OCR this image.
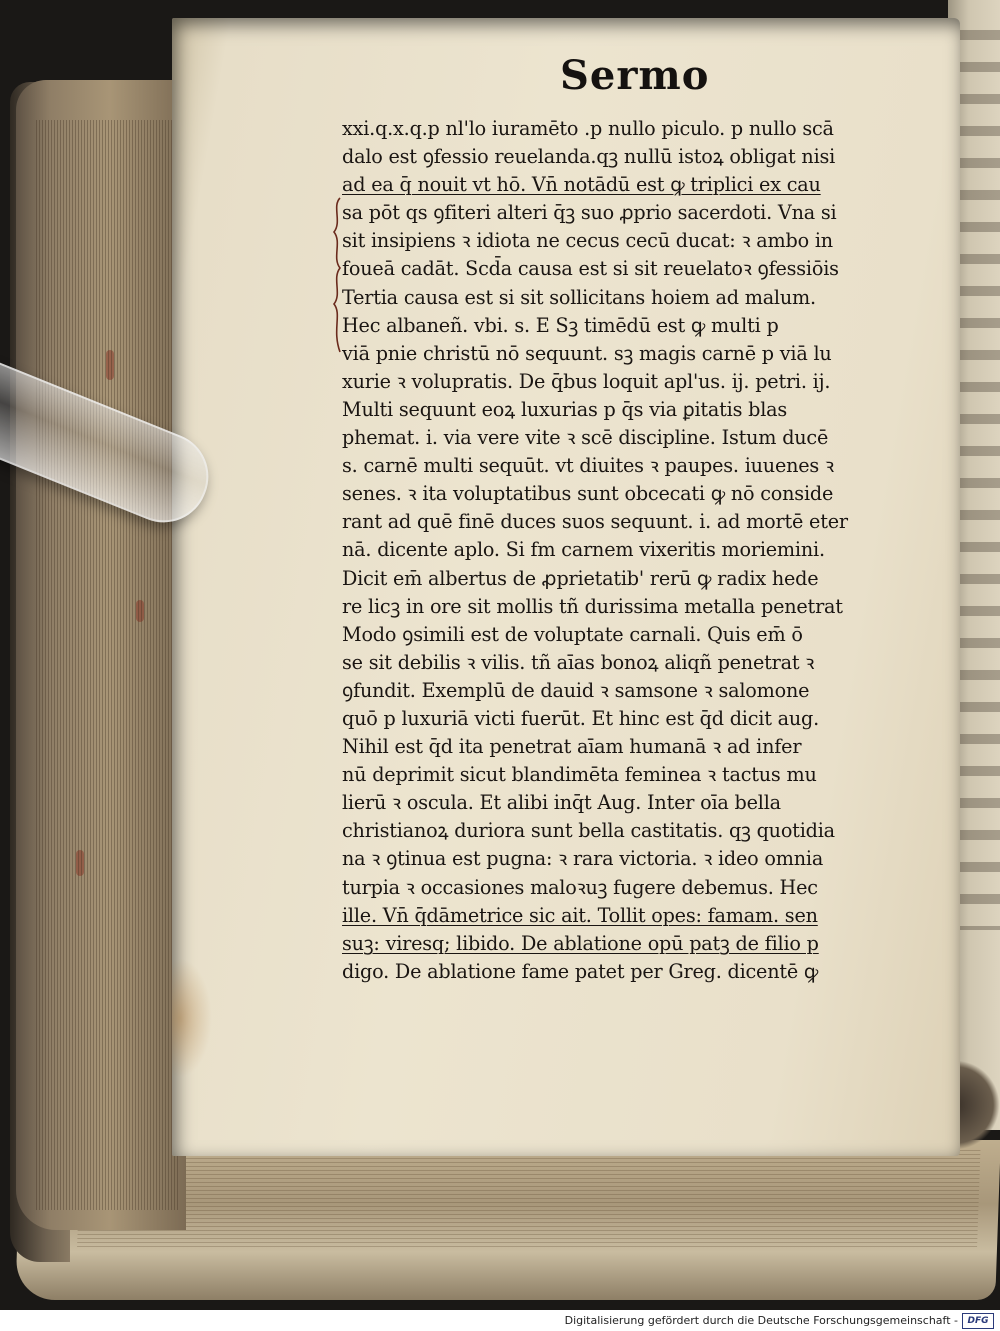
Sermo
xxi.q.x.q.p nl'lo iuramēto .p nullo piculo. p nullo scā
dalo est ꝯfessio reuelanda.qꝫ nullū istoꝝ obligat nisi
ad ea q̄ nouit vt hō. Vn̄ notādū est ꝙ triplici ex cau
sa pōt qs ꝯfiteri alteri q̄ꝫ suo ꝓprio sacerdoti. Vna si
sit insipiens ꝛ idiota ne cecus cecū ducat: ꝛ ambo in
foueā cadāt. Scd̄a causa est si sit reuelatoꝛ ꝯfessiōis
Tertia causa est si sit sollicitans hoiem ad malum.
Hec albaneñ. vbi. s. E Sꝫ timēdū est ꝙ multi p
viā pnie christū nō sequunt. sꝫ magis carnē p viā lu
xurie ꝛ volupratis. De q̄bus loquit apl'us. ij. petri. ij.
Multi sequunt eoꝝ luxurias p q̄s via ꝑitatis blas
phemat. i. via vere vite ꝛ scē discipline. Istum ducē
s. carnē multi sequūt. vt diuites ꝛ paupes. iuuenes ꝛ
senes. ꝛ ita voluptatibus sunt obcecati ꝙ nō conside
rant ad quē finē duces suos sequunt. i. ad mortē eter
nā. dicente aplo. Si fm carnem vixeritis moriemini.
Dicit em̄ albertus de ꝓprietatib' rerū ꝙ radix hede
re licꝫ in ore sit mollis tñ durissima metalla penetrat
Modo ꝯsimili est de voluptate carnali. Quis em̄ ō
se sit debilis ꝛ vilis. tñ aīas bonoꝝ aliqñ penetrat ꝛ
ꝯfundit. Exemplū de dauid ꝛ samsone ꝛ salomone
quō p luxuriā victi fuerūt. Et hinc est q̄d dicit aug.
Nihil est q̄d ita penetrat aīam humanā ꝛ ad infer
nū deprimit sicut blandimēta feminea ꝛ tactus mu
lierū ꝛ oscula. Et alibi inq̄t Aug. Inter oīa bella
christianoꝝ duriora sunt bella castitatis. qꝫ quotidia
na ꝛ ꝯtinua est pugna: ꝛ rara victoria. ꝛ ideo omnia
turpia ꝛ occasiones maloꝛuꝫ fugere debemus. Hec
ille. Vn̄ q̄dāmetrice sic ait. Tollit opes: famam. sen
suꝫ: viresq; libido. De ablatione opū patꝫ de filio p
digo. De ablatione fame patet per Greg. dicentē ꝙ
Digitalisierung gefördert durch die Deutsche Forschungsgemeinschaft -	DFG
